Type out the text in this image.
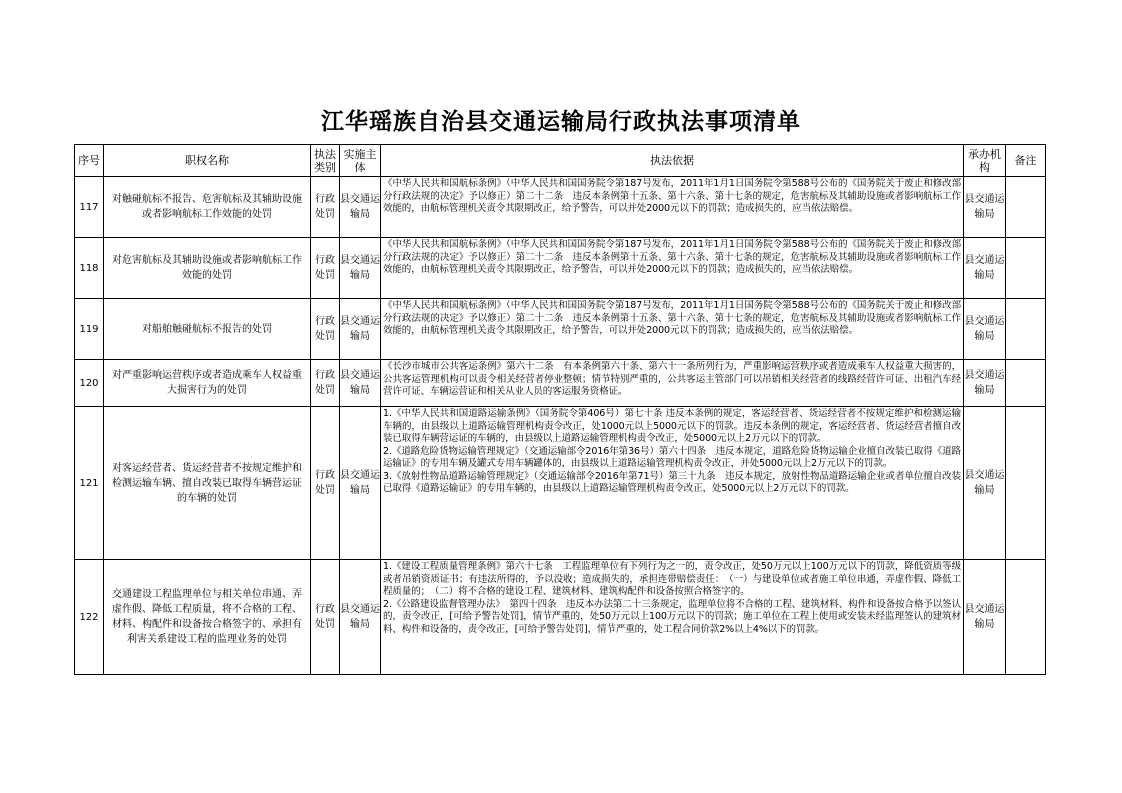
江华瑶族自治县交通运输局行政执法事项清单
序号	职权名称	执法类别	实施主体	执法依据	承办机构	备注
117	对触碰航标不报告、危害航标及其辅助设施或者影响航标工作效能的处罚	行政处罚	县交通运输局	《中华人民共和国航标条例》（中华人民共和国国务院令第187号发布，2011年1月1日国务院令第588号公布的《国务院关于废止和修改部分行政法规的决定》予以修正）第二十二条　违反本条例第十五条、第十六条、第十七条的规定，危害航标及其辅助设施或者影响航标工作效能的，由航标管理机关责令其限期改正，给予警告，可以并处2000元以下的罚款；造成损失的，应当依法赔偿。	县交通运输局	
118	对危害航标及其辅助设施或者影响航标工作效能的处罚	行政处罚	县交通运输局	《中华人民共和国航标条例》（中华人民共和国国务院令第187号发布，2011年1月1日国务院令第588号公布的《国务院关于废止和修改部分行政法规的决定》予以修正）第二十二条　违反本条例第十五条、第十六条、第十七条的规定，危害航标及其辅助设施或者影响航标工作效能的，由航标管理机关责令其限期改正，给予警告，可以并处2000元以下的罚款；造成损失的，应当依法赔偿。	县交通运输局	
119	对船舶触碰航标不报告的处罚	行政处罚	县交通运输局	《中华人民共和国航标条例》（中华人民共和国国务院令第187号发布，2011年1月1日国务院令第588号公布的《国务院关于废止和修改部分行政法规的决定》予以修正）第二十二条　违反本条例第十五条、第十六条、第十七条的规定，危害航标及其辅助设施或者影响航标工作效能的，由航标管理机关责令其限期改正，给予警告，可以并处2000元以下的罚款；造成损失的，应当依法赔偿。	县交通运输局	
120	对严重影响运营秩序或者造成乘车人权益重大损害行为的处罚	行政处罚	县交通运输局	《长沙市城市公共客运条例》第六十二条　有本条例第六十条、第六十一条所列行为，严重影响运营秩序或者造成乘车人权益重大损害的，公共客运管理机构可以责令相关经营者停业整顿；情节特别严重的，公共客运主管部门可以吊销相关经营者的线路经营许可证、出租汽车经营许可证、车辆运营证和相关从业人员的客运服务资格证。	县交通运输局	
121	对客运经营者、货运经营者不按规定维护和检测运输车辆、擅自改装已取得车辆营运证的车辆的处罚	行政处罚	县交通运输局	1.《中华人民共和国道路运输条例》（国务院令第406号）第七十条 违反本条例的规定，客运经营者、货运经营者不按规定维护和检测运输车辆的，由县级以上道路运输管理机构责令改正，处1000元以上5000元以下的罚款。违反本条例的规定，客运经营者、货运经营者擅自改装已取得车辆营运证的车辆的，由县级以上道路运输管理机构责令改正，处5000元以上2万元以下的罚款。
2.《道路危险货物运输管理规定》（交通运输部令2016年第36号）第六十四条　违反本规定，道路危险货物运输企业擅自改装已取得《道路运输证》的专用车辆及罐式专用车辆罐体的，由县级以上道路运输管理机构责令改正，并处5000元以上2万元以下的罚款。
3.《放射性物品道路运输管理规定》（交通运输部令2016年第71号）第三十九条　违反本规定，放射性物品道路运输企业或者单位擅自改装已取得《道路运输证》的专用车辆的，由县级以上道路运输管理机构责令改正，处5000元以上2万元以下的罚款。	县交通运输局	
122	交通建设工程监理单位与相关单位串通、弄虚作假、降低工程质量，将不合格的工程、材料、构配件和设备按合格签字的、承担有利害关系建设工程的监理业务的处罚	行政处罚	县交通运输局	1.《建设工程质量管理条例》第六十七条　工程监理单位有下列行为之一的，责令改正，处50万元以上100万元以下的罚款，降低资质等级或者吊销资质证书；有违法所得的，予以没收；造成损失的，承担连带赔偿责任：　（一）与建设单位或者施工单位串通，弄虚作假、降低工程质量的；　（二）将不合格的建设工程、建筑材料、建筑构配件和设备按照合格签字的。
2.《公路建设监督管理办法》　第四十四条　违反本办法第二十三条规定，监理单位将不合格的工程、建筑材料、构件和设备按合格予以签认的，责令改正，[可给予警告处罚]，情节严重的，处50万元以上100万元以下的罚款；施工单位在工程上使用或安装未经监理签认的建筑材料、构件和设备的，责令改正，[可给予警告处罚]，情节严重的，处工程合同价款2%以上4%以下的罚款。	县交通运输局	
